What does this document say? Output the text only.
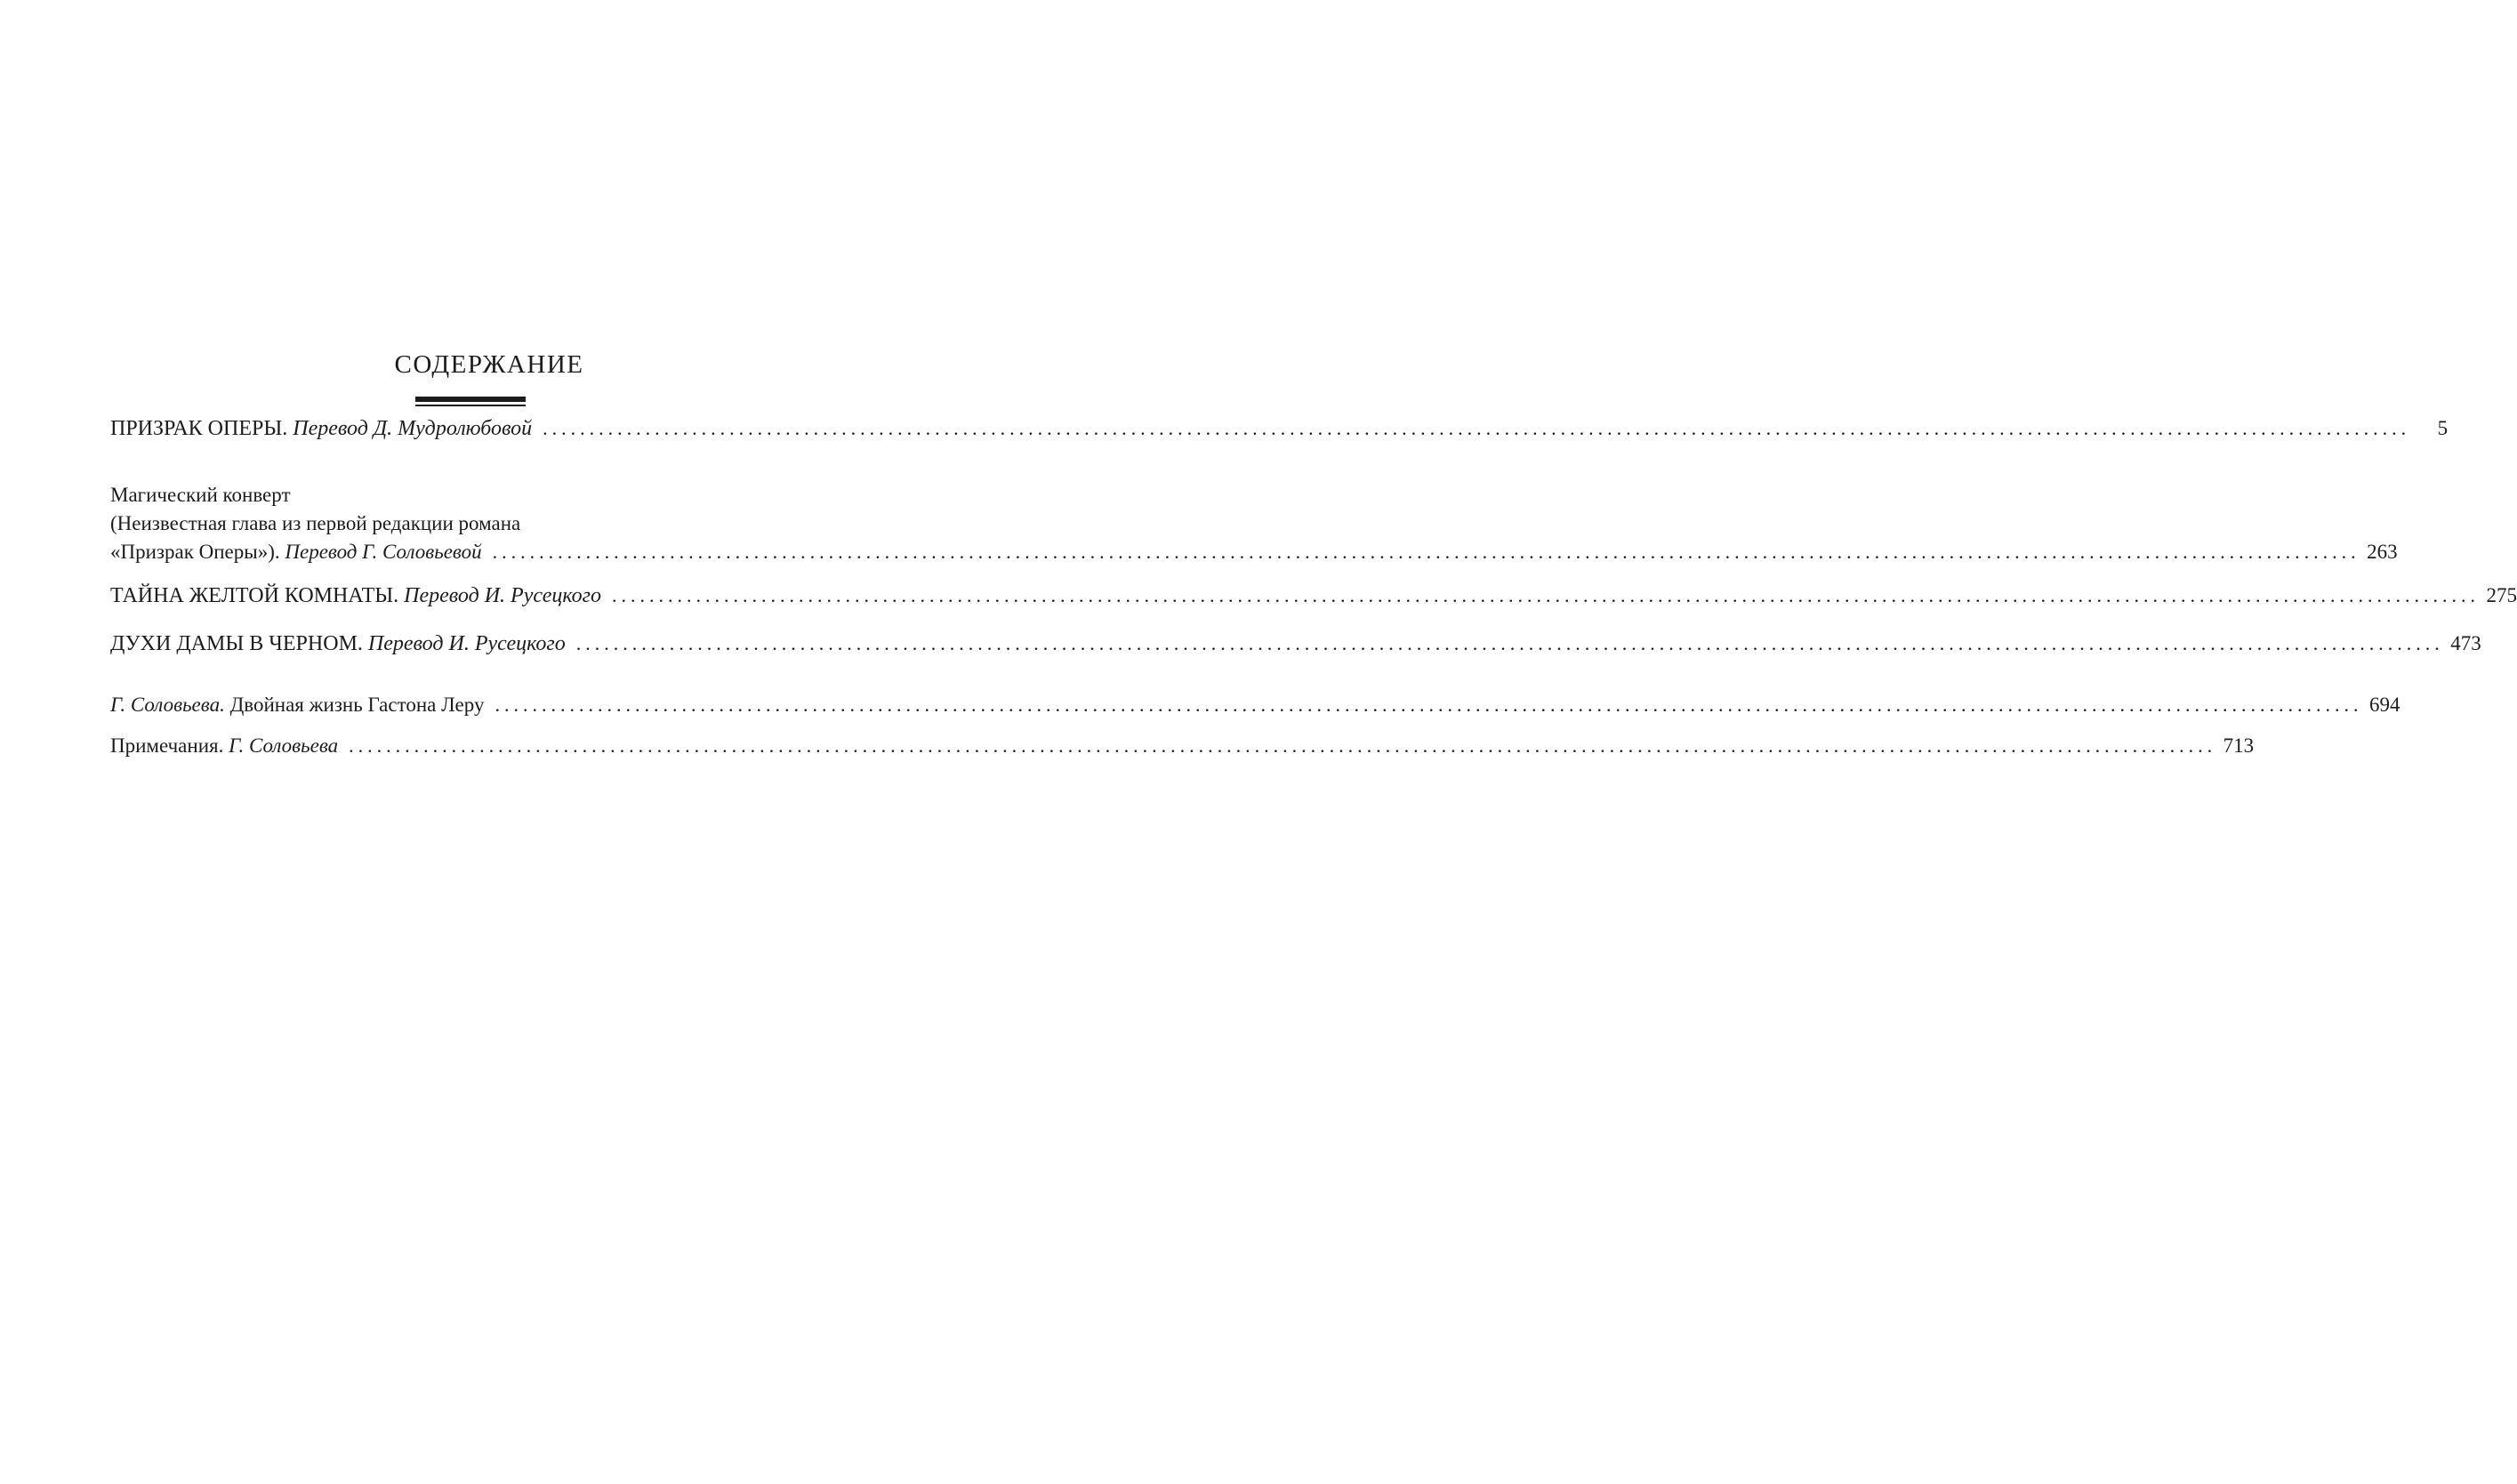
СОДЕРЖАНИЕ
ПРИЗРАК ОПЕРЫ.
Перевод Д. Мудролюбовой ........................................................................................................................................................................................................	5
Магический конверт
(Неизвестная глава из первой редакции романа
«Призрак Оперы»).
Перевод Г. Соловьевой ........................................................................................................................................................................................................ 263
ТАЙНА ЖЕЛТОЙ КОМНАТЫ.
Перевод И. Русецкого ........................................................................................................................................................................................................ 275
ДУХИ ДАМЫ В ЧЕРНОМ.
Перевод И. Русецкого ........................................................................................................................................................................................................ 473
Г. Соловьева.
Двойная жизнь Гастона Леру ........................................................................................................................................................................................................ 694
Примечания.
Г. Соловьева ........................................................................................................................................................................................................ 713
